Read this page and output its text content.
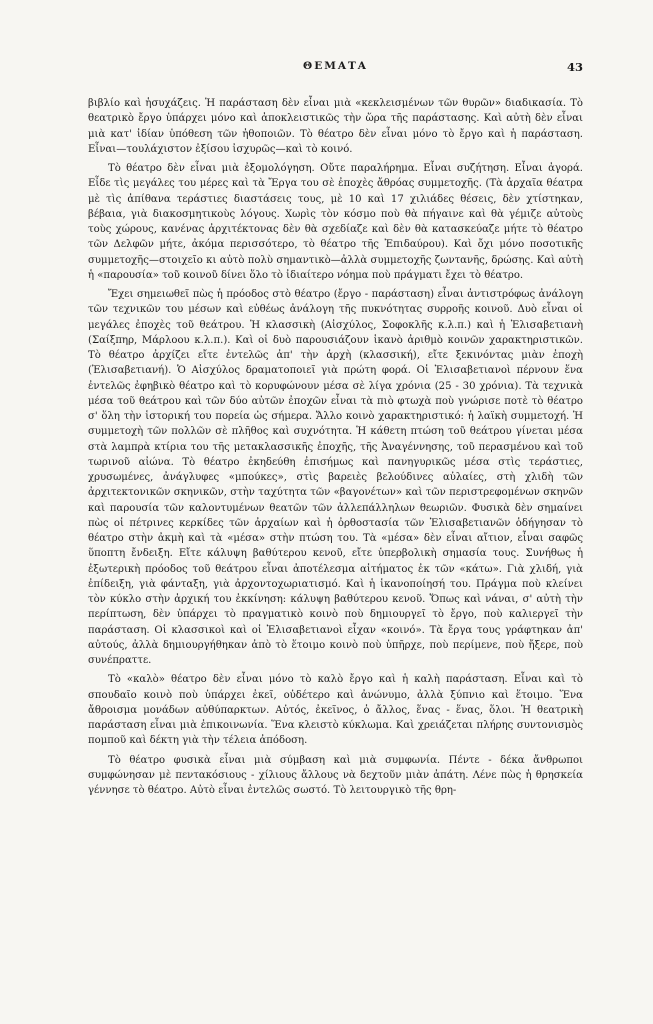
ΘΕΜΑΤΑ	43

βιβλίο καὶ ἡσυχάζεις. Ἡ παράσταση δὲν εἶναι μιὰ «κεκλεισμένων τῶν θυρῶν» διαδικασία. Τὸ θεατρικὸ ἔργο ὑπάρχει μόνο καὶ ἀποκλειστικῶς τὴν ὥρα τῆς παράστασης. Καὶ αὐτὴ δὲν εἶναι μιὰ κατ' ἰδίαν ὑπόθεση τῶν ἠθοποιῶν. Τὸ θέατρο δὲν εἶναι μόνο τὸ ἔργο καὶ ἡ παράσταση. Εἶναι—τουλάχιστον ἐξίσου ἰσχυρῶς—καὶ τὸ κοινό.

Τὸ θέατρο δὲν εἶναι μιὰ ἐξομολόγηση. Οὔτε παραλήρημα. Εἶναι συζήτηση. Εἶναι ἀγορά. Εἶδε τὶς μεγάλες του μέρες καὶ τὰ Ἔργα του σὲ ἐποχὲς ἄθρόας συμμετοχῆς. (Τὰ ἀρχαῖα θέατρα μὲ τὶς ἀπίθανα τεράστιες διαστάσεις τους, μὲ 10 καὶ 17 χιλιάδες θέσεις, δὲν χτίστηκαν, βέβαια, γιὰ διακοσμητικοὺς λόγους. Χωρὶς τὸν κόσμο ποὺ θὰ πήγαινε καὶ θὰ γέμιζε αὐτοὺς τοὺς χώρους, κανένας ἀρχιτέκτονας δὲν θὰ σχεδίαζε καὶ δὲν θὰ κατασκεύαζε μήτε τὸ θέατρο τῶν Δελφῶν μήτε, ἀκόμα περισσότερο, τὸ θέατρο τῆς Ἐπιδαύρου). Καὶ ὄχι μόνο ποσοτικῆς συμμετοχῆς—στοιχεῖο κι αὐτὸ πολὺ σημαντικὸ—ἀλλὰ συμμετοχῆς ζωντανῆς, δρώσης. Καὶ αὐτὴ ἡ «παρουσία» τοῦ κοινοῦ δίνει ὅλο τὸ ἰδιαίτερο νόημα ποὺ πράγματι ἔχει τὸ θέατρο.

Ἔχει σημειωθεῖ πὼς ἡ πρόοδος στὸ θέατρο (ἔργο - παράσταση) εἶναι ἀντιστρόφως ἀνάλογη τῶν τεχνικῶν του μέσων καὶ εὐθέως ἀνάλογη τῆς πυκνότητας συρροῆς κοινοῦ. Δυὸ εἶναι οἱ μεγάλες ἐποχὲς τοῦ θεάτρου. Ἡ κλασσικὴ (Αἰσχύλος, Σοφοκλῆς κ.λ.π.) καὶ ἡ Ἐλισαβετιανὴ (Σαίξπηρ, Μάρλοου κ.λ.π.). Καὶ οἱ δυὸ παρουσιάζουν ἱκανὸ ἀριθμὸ κοινῶν χαρακτηριστικῶν. Τὸ θέατρο ἀρχίζει εἴτε ἐντελῶς ἀπ' τὴν ἀρχὴ (κλασσική), εἴτε ξεκινόντας μιὰν ἐποχὴ (Ἐλισαβετιανή). Ὁ Αἰσχύλος δραματοποιεῖ γιὰ πρώτη φορά. Οἱ Ἐλισαβετιανοὶ πέρνουν ἕνα ἐντελῶς ἐφηβικὸ θέατρο καὶ τὸ κορυφώνουν μέσα σὲ λίγα χρόνια (25 - 30 χρόνια). Τὰ τεχνικὰ μέσα τοῦ θεάτρου καὶ τῶν δύο αὐτῶν ἐποχῶν εἶναι τὰ πιὸ φτωχὰ ποὺ γνώρισε ποτὲ τὸ θέατρο σ' ὅλη τὴν ἱστορική του πορεία ὡς σήμερα. Ἄλλο κοινὸ χαρακτηριστικό: ἡ λαϊκὴ συμμετοχή. Ἡ συμμετοχὴ τῶν πολλῶν σὲ πλῆθος καὶ συχνότητα. Ἡ κάθετη πτώση τοῦ θεάτρου γίνεται μέσα στὰ λαμπρὰ κτίρια του τῆς μετακλασσικῆς ἐποχῆς, τῆς Ἀναγέννησης, τοῦ περασμένου καὶ τοῦ τωρινοῦ αἰώνα. Τὸ θέατρο ἐκηδεύθη ἐπισήμως καὶ πανηγυρικῶς μέσα στὶς τεράστιες, χρυσωμένες, ἀνάγλυφες «μπούκες», στὶς βαρειὲς βελούδινες αὐλαίες, στὴ χλιδὴ τῶν ἀρχιτεκτονικῶν σκηνικῶν, στὴν ταχύτητα τῶν «βαγονέτων» καὶ τῶν περιστρεφομένων σκηνῶν καὶ παρουσία τῶν καλοντυμένων θεατῶν τῶν ἀλλεπάλληλων θεωριῶν. Φυσικὰ δὲν σημαίνει πὼς οἱ πέτρινες κερκίδες τῶν ἀρχαίων καὶ ἡ ὀρθοστασία τῶν Ἐλισαβετιανῶν ὁδήγησαν τὸ θέατρο στὴν ἀκμὴ καὶ τὰ «μέσα» στὴν πτώση του. Τὰ «μέσα» δὲν εἶναι αἴτιον, εἶναι σαφῶς ὕποπτη ἔνδειξη. Εἴτε κάλυψη βαθύτερου κενοῦ, εἴτε ὑπερβολικὴ σημασία τους. Συνήθως ἡ ἐξωτερικὴ πρόοδος τοῦ θεάτρου εἶναι ἀποτέλεσμα αἰτήματος ἐκ τῶν «κάτω». Γιὰ χλιδή, γιὰ ἐπίδειξη, γιὰ φάνταξη, γιὰ ἀρχοντοχωριατισμό. Καὶ ἡ ἱκανοποίησή του. Πράγμα ποὺ κλείνει τὸν κύκλο στὴν ἀρχική του ἐκκίνηση: κάλυψη βαθύτερου κενοῦ. Ὅπως καὶ νάναι, σ' αὐτὴ τὴν περίπτωση, δὲν ὑπάρχει τὸ πραγματικὸ κοινὸ ποὺ δημιουργεῖ τὸ ἔργο, ποὺ καλιεργεῖ τὴν παράσταση. Οἱ κλασσικοὶ καὶ οἱ Ἐλισαβετιανοὶ εἶχαν «κοινό». Τὰ ἔργα τους γράφτηκαν ἀπ' αὐτούς, ἀλλὰ δημιουργήθηκαν ἀπὸ τὸ ἕτοιμο κοινὸ ποὺ ὑπῆρχε, ποὺ περίμενε, ποὺ ἤξερε, ποὺ συνέπραττε.

Τὸ «καλὸ» θέατρο δὲν εἶναι μόνο τὸ καλὸ ἔργο καὶ ἡ καλὴ παράσταση. Εἶναι καὶ τὸ σπουδαῖο κοινὸ ποὺ ὑπάρχει ἐκεῖ, οὐδέτερο καὶ ἀνώνυμο, ἀλλὰ ξύπνιο καὶ ἕτοιμο. Ἕνα ἄθροισμα μονάδων αὐθύπαρκτων. Αὐτός, ἐκεῖνος, ὁ ἄλλος, ἕνας - ἕνας, ὅλοι. Ἡ θεατρικὴ παράσταση εἶναι μιὰ ἐπικοινωνία. Ἕνα κλειστὸ κύκλωμα. Καὶ χρειάζεται πλήρης συντονισμὸς πομποῦ καὶ δέκτη γιὰ τὴν τέλεια ἀπόδοση.

Τὸ θέατρο φυσικὰ εἶναι μιὰ σύμβαση καὶ μιὰ συμφωνία. Πέντε - δέκα ἄνθρωποι συμφώνησαν μὲ πεντακόσιους - χίλιους ἄλλους νὰ δεχτοῦν μιὰν ἀπάτη. Λένε πὼς ἡ θρησκεία γέννησε τὸ θέατρο. Αὐτὸ εἶναι ἐντελῶς σωστό. Τὸ λειτουργικὸ τῆς θρη-
